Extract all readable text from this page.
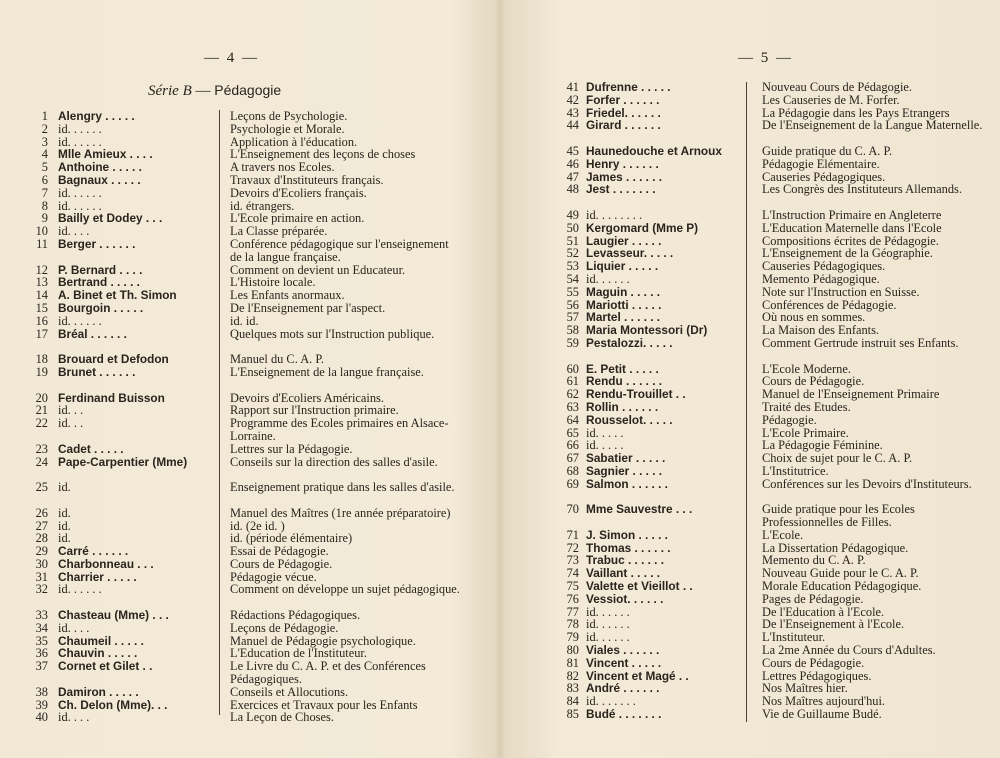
— 4 —
Série B — Pédagogie
1 Alengry . . . . .	Leçons de Psychologie.
2 id. . . . . .	Psychologie et Morale.
3 id. . . . . .	Application à l'éducation.
4 Mlle Amieux . . . .	L'Enseignement des leçons de choses
5 Anthoine . . . . .	A travers nos Ecoles.
6 Bagnaux . . . . .	Travaux d'Instituteurs français.
7 id. . . . . .	Devoirs d'Ecoliers français.
8 id. . . . . .	id. étrangers.
9 Bailly et Dodey . . .	L'Ecole primaire en action.
10 id. . . .	La Classe préparée.
11 Berger . . . . . .	Conférence pédagogique sur l'enseignement de la langue française.
12 P. Bernard . . . .	Comment on devient un Educateur.
13 Bertrand . . . . .	L'Histoire locale.
14 A. Binet et Th. Simon	Les Enfants anormaux.
15 Bourgoin . . . . .	De l'Enseignement par l'aspect.
16 id. . . . . .	id. id.
17 Bréal . . . . . .	Quelques mots sur l'Instruction publique.
18 Brouard et Defodon	Manuel du C. A. P.
19 Brunet . . . . . .	L'Enseignement de la langue française.
20 Ferdinand Buisson	Devoirs d'Ecoliers Américains.
21 id. . .	Rapport sur l'Instruction primaire.
22 id. . .	Programme des Ecoles primaires en Alsace-Lorraine.
23 Cadet . . . . .	Lettres sur la Pédagogie.
24 Pape-Carpentier (Mme)	Conseils sur la direction des salles d'asile.
25 id.	Enseignement pratique dans les salles d'asile.
26 id.	Manuel des Maîtres (1re année préparatoire)
27 id.	id. (2e id. )
28 id.	id. (période élémentaire)
29 Carré . . . . . .	Essai de Pédagogie.
30 Charbonneau . . .	Cours de Pédagogie.
31 Charrier . . . . .	Pédagogie vécue.
32 id. . . . . .	Comment on développe un sujet pédagogique.
33 Chasteau (Mme) . . .	Rédactions Pédagogiques.
34 id. . . .	Leçons de Pédagogie.
35 Chaumeil . . . . .	Manuel de Pédagogie psychologique.
36 Chauvin . . . . .	L'Education de l'Instituteur.
37 Cornet et Gilet . .	Le Livre du C. A. P. et des Conférences Pédagogiques.
38 Damiron . . . . .	Conseils et Allocutions.
39 Ch. Delon (Mme). . .	Exercices et Travaux pour les Enfants
40 id. . . .	La Leçon de Choses.
— 5 —
41 Dufrenne . . . . .	Nouveau Cours de Pédagogie.
42 Forfer . . . . . .	Les Causeries de M. Forfer.
43 Friedel. . . . . .	La Pédagogie dans les Pays Etrangers
44 Girard . . . . . .	De l'Enseignement de la Langue Maternelle.
45 Haunedouche et Arnoux	Guide pratique du C. A. P.
46 Henry . . . . . .	Pédagogie Elémentaire.
47 James . . . . . .	Causeries Pédagogiques.
48 Jest . . . . . . .	Les Congrès des Instituteurs Allemands.
49 id. . . . . . . .	L'Instruction Primaire en Angleterre
50 Kergomard (Mme P)	L'Education Maternelle dans l'Ecole
51 Laugier . . . . .	Compositions écrites de Pédagogie.
52 Levasseur. . . . .	L'Enseignement de la Géographie.
53 Liquier . . . . .	Causeries Pédagogiques.
54 id. . . . . .	Memento Pédagogique.
55 Maguin . . . . .	Note sur l'Instruction en Suisse.
56 Mariotti . . . . .	Conférences de Pédagogie.
57 Martel . . . . . .	Où nous en sommes.
58 Maria Montessori (Dr)	La Maison des Enfants.
59 Pestalozzi. . . . .	Comment Gertrude instruit ses Enfants.
60 E. Petit . . . . .	L'Ecole Moderne.
61 Rendu . . . . . .	Cours de Pédagogie.
62 Rendu-Trouillet . .	Manuel de l'Enseignement Primaire
63 Rollin . . . . . .	Traité des Etudes.
64 Rousselot. . . . .	Pédagogie.
65 id. . . . .	L'Ecole Primaire.
66 id. . . . .	La Pédagogie Féminine.
67 Sabatier . . . . .	Choix de sujet pour le C. A. P.
68 Sagnier . . . . .	L'Institutrice.
69 Salmon . . . . . .	Conférences sur les Devoirs d'Instituteurs.
70 Mme Sauvestre . . .	Guide pratique pour les Ecoles Professionnelles de Filles.
71 J. Simon . . . . .	L'Ecole.
72 Thomas . . . . . .	La Dissertation Pédagogique.
73 Trabuc . . . . . .	Memento du C. A. P.
74 Vaillant . . . . .	Nouveau Guide pour le C. A. P.
75 Valette et Vieillot . .	Morale Education Pédagogique.
76 Vessiot. . . . . .	Pages de Pédagogie.
77 id. . . . . .	De l'Education à l'Ecole.
78 id. . . . . .	De l'Enseignement à l'Ecole.
79 id. . . . . .	L'Instituteur.
80 Viales . . . . . .	La 2me Année du Cours d'Adultes.
81 Vincent . . . . .	Cours de Pédagogie.
82 Vincent et Magé . .	Lettres Pédagogiques.
83 André . . . . . .	Nos Maîtres hier.
84 id. . . . . . .	Nos Maîtres aujourd'hui.
85 Budé . . . . . . .	Vie de Guillaume Budé.
